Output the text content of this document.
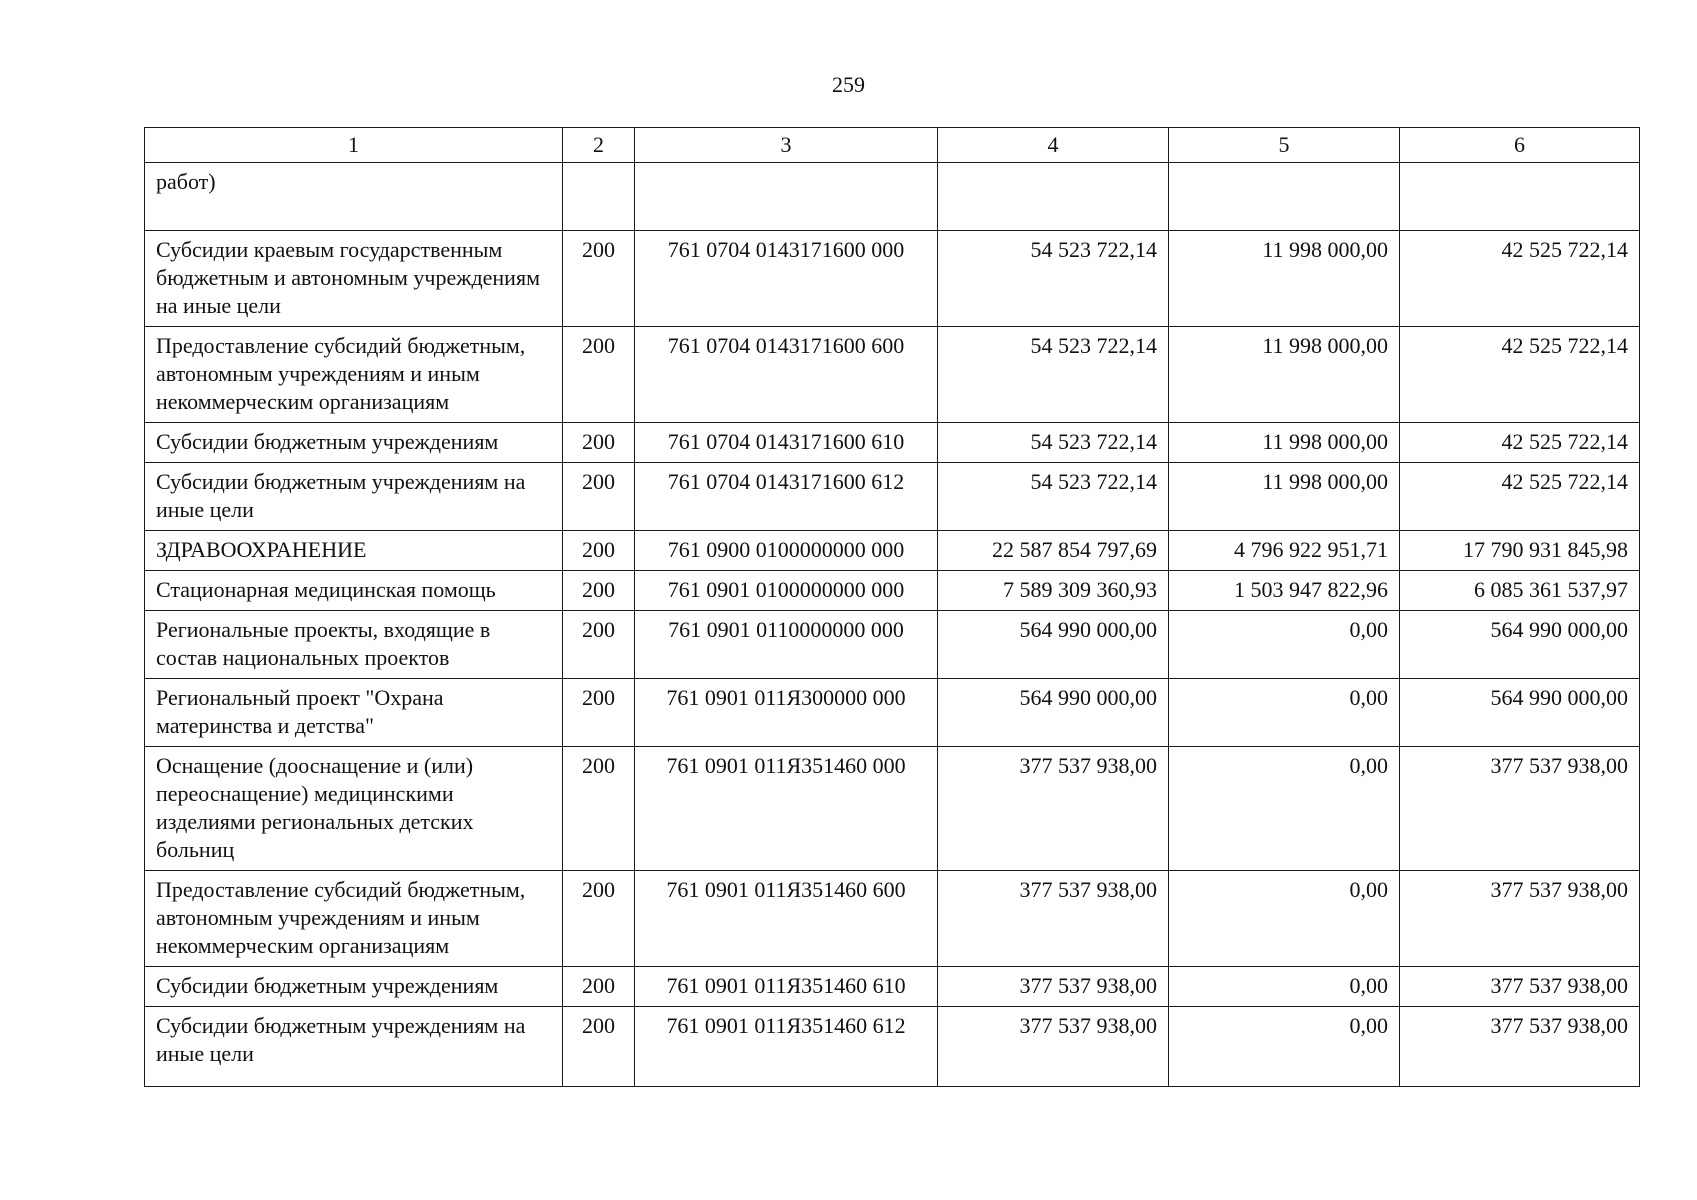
259
1	2	3	4	5	6
работ)					
Субсидии краевым государственным бюджетным и автономным учреждениям на иные цели	200	761 0704 0143171600 000	54 523 722,14	11 998 000,00	42 525 722,14
Предоставление субсидий бюджетным, автономным учреждениям и иным некоммерческим организациям	200	761 0704 0143171600 600	54 523 722,14	11 998 000,00	42 525 722,14
Субсидии бюджетным учреждениям	200	761 0704 0143171600 610	54 523 722,14	11 998 000,00	42 525 722,14
Субсидии бюджетным учреждениям на иные цели	200	761 0704 0143171600 612	54 523 722,14	11 998 000,00	42 525 722,14
ЗДРАВООХРАНЕНИЕ	200	761 0900 0100000000 000	22 587 854 797,69	4 796 922 951,71	17 790 931 845,98
Стационарная медицинская помощь	200	761 0901 0100000000 000	7 589 309 360,93	1 503 947 822,96	6 085 361 537,97
Региональные проекты, входящие в состав национальных проектов	200	761 0901 0110000000 000	564 990 000,00	0,00	564 990 000,00
Региональный проект "Охрана материнства и детства"	200	761 0901 011Я300000 000	564 990 000,00	0,00	564 990 000,00
Оснащение (дооснащение и (или) переоснащение) медицинскими изделиями региональных детских больниц	200	761 0901 011Я351460 000	377 537 938,00	0,00	377 537 938,00
Предоставление субсидий бюджетным, автономным учреждениям и иным некоммерческим организациям	200	761 0901 011Я351460 600	377 537 938,00	0,00	377 537 938,00
Субсидии бюджетным учреждениям	200	761 0901 011Я351460 610	377 537 938,00	0,00	377 537 938,00
Субсидии бюджетным учреждениям на иные цели	200	761 0901 011Я351460 612	377 537 938,00	0,00	377 537 938,00
